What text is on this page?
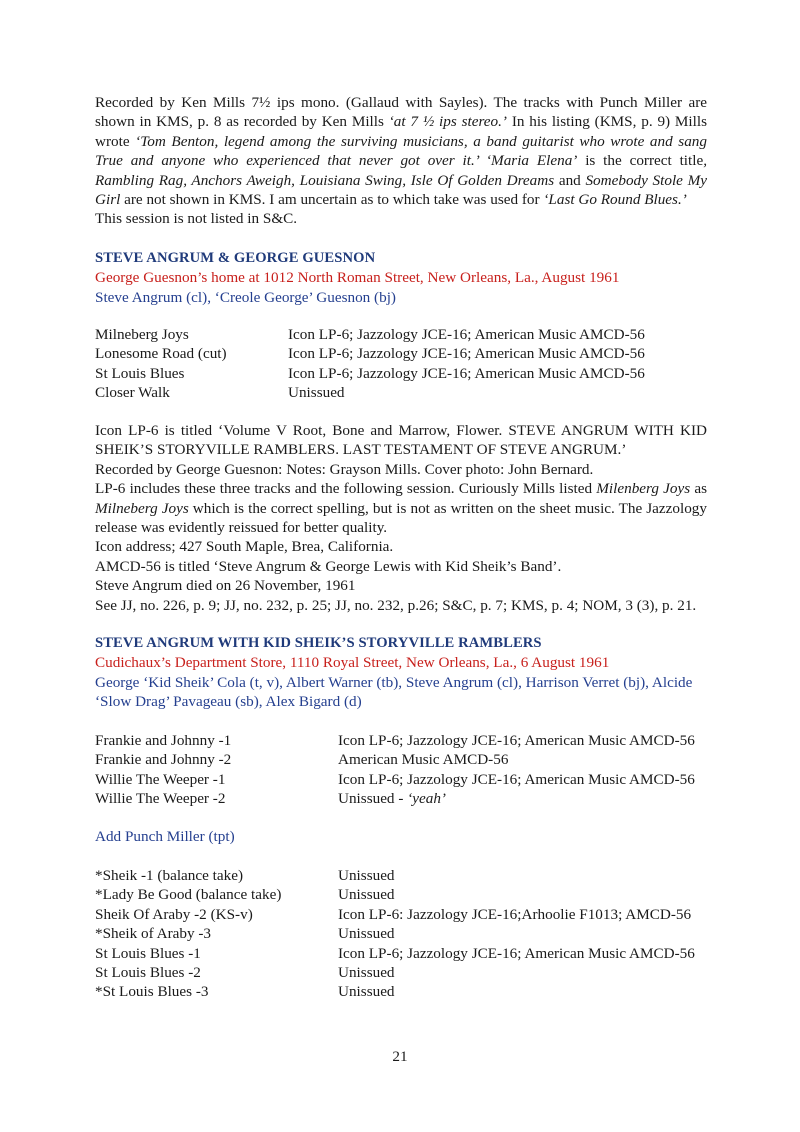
Recorded by Ken Mills 7½ ips mono. (Gallaud with Sayles). The tracks with Punch Miller are shown in KMS, p. 8 as recorded by Ken Mills ‘at 7 ½ ips stereo.’ In his listing (KMS, p. 9) Mills wrote ‘Tom Benton, legend among the surviving musicians, a band guitarist who wrote and sang True and anyone who experienced that never got over it.’ ‘Maria Elena’ is the correct title, Rambling Rag, Anchors Aweigh, Louisiana Swing, Isle Of Golden Dreams and Somebody Stole My Girl are not shown in KMS. I am uncertain as to which take was used for ‘Last Go Round Blues.’

This session is not listed in S&C.

STEVE ANGRUM & GEORGE GUESNON

George Guesnon’s home at 1012 North Roman Street, New Orleans, La., August 1961

Steve Angrum (cl), ‘Creole George’ Guesnon (bj)

Milneberg Joys	Icon LP-6; Jazzology JCE-16; American Music AMCD-56
Lonesome Road (cut)	Icon LP-6; Jazzology JCE-16; American Music AMCD-56
St Louis Blues	Icon LP-6; Jazzology JCE-16; American Music AMCD-56
Closer Walk	Unissued

Icon LP-6 is titled ‘Volume V Root, Bone and Marrow, Flower. STEVE ANGRUM WITH KID SHEIK’S STORYVILLE RAMBLERS. LAST TESTAMENT OF STEVE ANGRUM.’

Recorded by George Guesnon: Notes: Grayson Mills. Cover photo: John Bernard.

LP-6 includes these three tracks and the following session. Curiously Mills listed Milenberg Joys as Milneberg Joys which is the correct spelling, but is not as written on the sheet music. The Jazzology release was evidently reissued for better quality.

Icon address; 427 South Maple, Brea, California.

AMCD-56 is titled ‘Steve Angrum & George Lewis with Kid Sheik’s Band’.

Steve Angrum died on 26 November, 1961

See JJ, no. 226, p. 9; JJ, no. 232, p. 25; JJ, no. 232, p.26; S&C, p. 7; KMS, p. 4; NOM, 3 (3), p. 21.

STEVE ANGRUM WITH KID SHEIK’S STORYVILLE RAMBLERS

Cudichaux’s Department Store, 1110 Royal Street, New Orleans, La., 6 August 1961

George ‘Kid Sheik’ Cola (t, v), Albert Warner (tb), Steve Angrum (cl), Harrison Verret (bj), Alcide ‘Slow Drag’ Pavageau (sb), Alex Bigard (d)

Frankie and Johnny -1	Icon LP-6; Jazzology JCE-16; American Music AMCD-56
Frankie and Johnny -2	American Music AMCD-56
Willie The Weeper -1	Icon LP-6; Jazzology JCE-16; American Music AMCD-56
Willie The Weeper -2	Unissued - ‘yeah’

Add Punch Miller (tpt)

*Sheik -1 (balance take)	Unissued
*Lady Be Good (balance take)	Unissued
Sheik Of Araby -2 (KS-v)	Icon LP-6: Jazzology JCE-16;Arhoolie F1013; AMCD-56
*Sheik of Araby -3	Unissued
St Louis Blues -1	Icon LP-6; Jazzology JCE-16; American Music AMCD-56
St Louis Blues -2	Unissued
*St Louis Blues -3	Unissued
21
